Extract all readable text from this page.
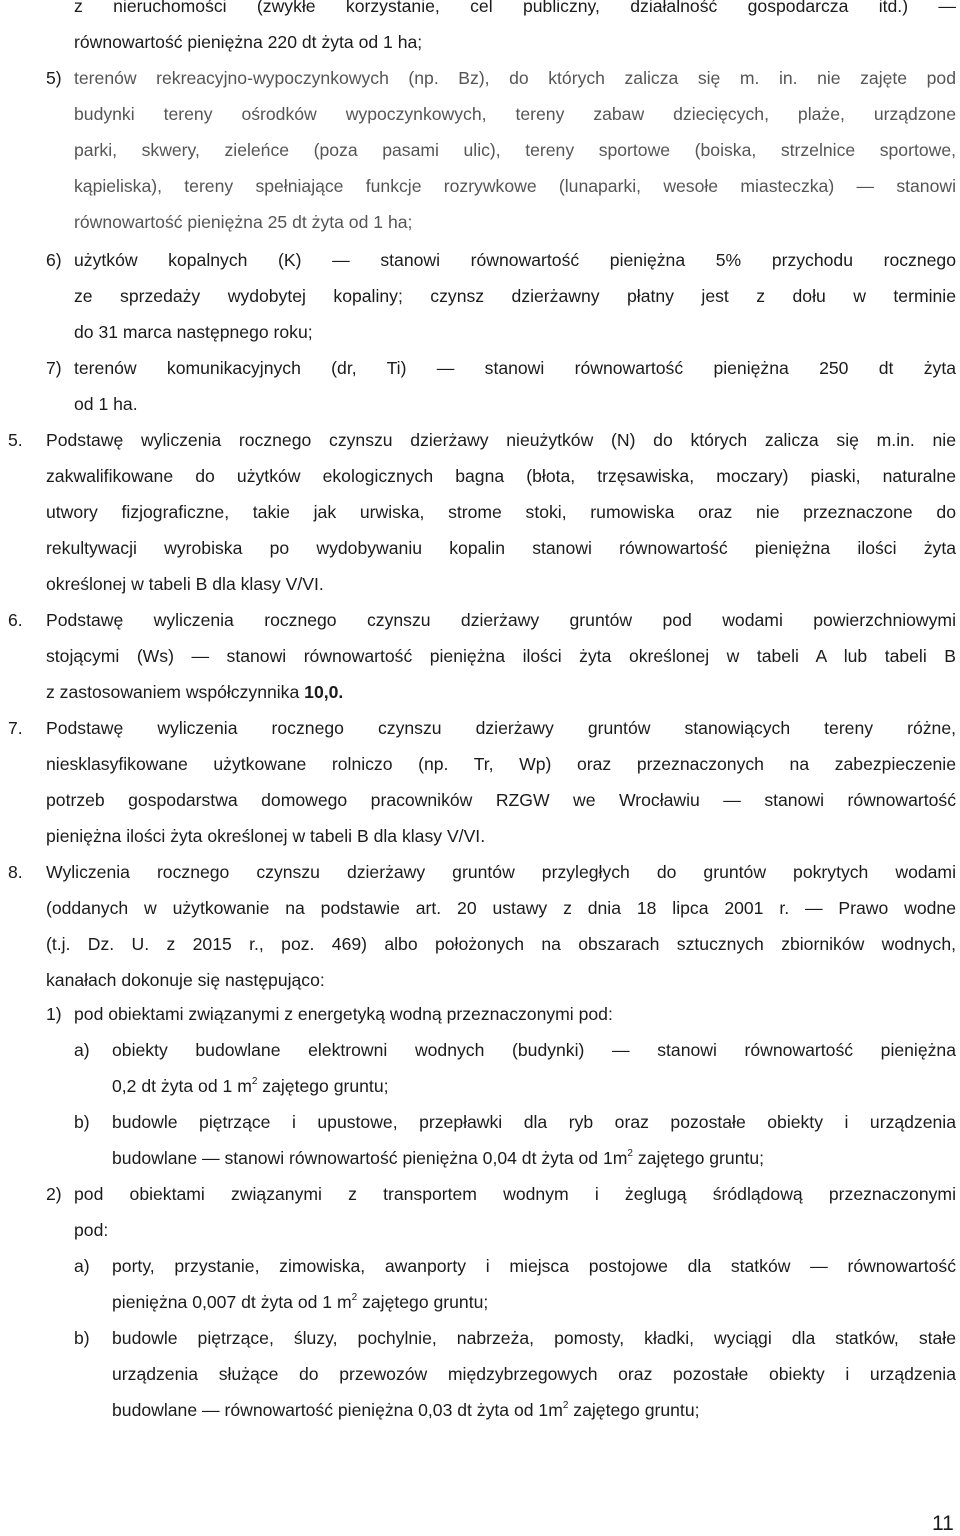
z nieruchomości (zwykłe korzystanie, cel publiczny, działalność gospodarcza itd.) —
równowartość pieniężna 220 dt żyta od 1 ha;
5) terenów rekreacyjno-wypoczynkowych (np. Bz), do których zalicza się m. in. nie zajęte pod
budynki tereny ośrodków wypoczynkowych, tereny zabaw dziecięcych, plaże, urządzone
parki, skwery, zieleńce (poza pasami ulic), tereny sportowe (boiska, strzelnice sportowe,
kąpieliska), tereny spełniające funkcje rozrywkowe (lunaparki, wesołe miasteczka) — stanowi
równowartość pieniężna 25 dt żyta od 1 ha;
6) użytków kopalnych (K) — stanowi równowartość pieniężna 5% przychodu rocznego
ze sprzedaży wydobytej kopaliny; czynsz dzierżawny płatny jest z dołu w terminie
do 31 marca następnego roku;
7) terenów komunikacyjnych (dr, Ti) — stanowi równowartość pieniężna 250 dt żyta
od 1 ha.
5. Podstawę wyliczenia rocznego czynszu dzierżawy nieużytków (N) do których zalicza się m.in. nie
zakwalifikowane do użytków ekologicznych bagna (błota, trzęsawiska, moczary) piaski, naturalne
utwory fizjograficzne, takie jak urwiska, strome stoki, rumowiska oraz nie przeznaczone do
rekultywacji wyrobiska po wydobywaniu kopalin stanowi równowartość pieniężna ilości żyta
określonej w tabeli B dla klasy V/VI.
6. Podstawę wyliczenia rocznego czynszu dzierżawy gruntów pod wodami powierzchniowymi
stojącymi (Ws) — stanowi równowartość pieniężna ilości żyta określonej w tabeli A lub tabeli B
z zastosowaniem współczynnika 10,0.
7. Podstawę wyliczenia rocznego czynszu dzierżawy gruntów stanowiących tereny różne,
niesklasyfikowane użytkowane rolniczo (np. Tr, Wp) oraz przeznaczonych na zabezpieczenie
potrzeb gospodarstwa domowego pracowników RZGW we Wrocławiu — stanowi równowartość
pieniężna ilości żyta określonej w tabeli B dla klasy V/VI.
8. Wyliczenia rocznego czynszu dzierżawy gruntów przyległych do gruntów pokrytych wodami
(oddanych w użytkowanie na podstawie art. 20 ustawy z dnia 18 lipca 2001 r. — Prawo wodne
(t.j. Dz. U. z 2015 r., poz. 469) albo położonych na obszarach sztucznych zbiorników wodnych,
kanałach dokonuje się następująco:
1) pod obiektami związanymi z energetyką wodną przeznaczonymi pod:
a) obiekty budowlane elektrowni wodnych (budynki) — stanowi równowartość pieniężna
0,2 dt żyta od 1 $m^2$ zajętego gruntu;
b) budowle piętrzące i upustowe, przepławki dla ryb oraz pozostałe obiekty i urządzenia
budowlane — stanowi równowartość pieniężna 0,04 dt żyta od $1m^2$ zajętego gruntu;
2) pod obiektami związanymi z transportem wodnym i żeglugą śródlądową przeznaczonymi
pod:
a) porty, przystanie, zimowiska, awanporty i miejsca postojowe dla statków — równowartość
pieniężna 0,007 dt żyta od 1 $m^2$ zajętego gruntu;
b) budowle piętrzące, śluzy, pochylnie, nabrzeża, pomosty, kładki, wyciągi dla statków, stałe
urządzenia służące do przewozów międzybrzegowych oraz pozostałe obiekty i urządzenia
budowlane — równowartość pieniężna 0,03 dt żyta od $1m^2$ zajętego gruntu;
11
